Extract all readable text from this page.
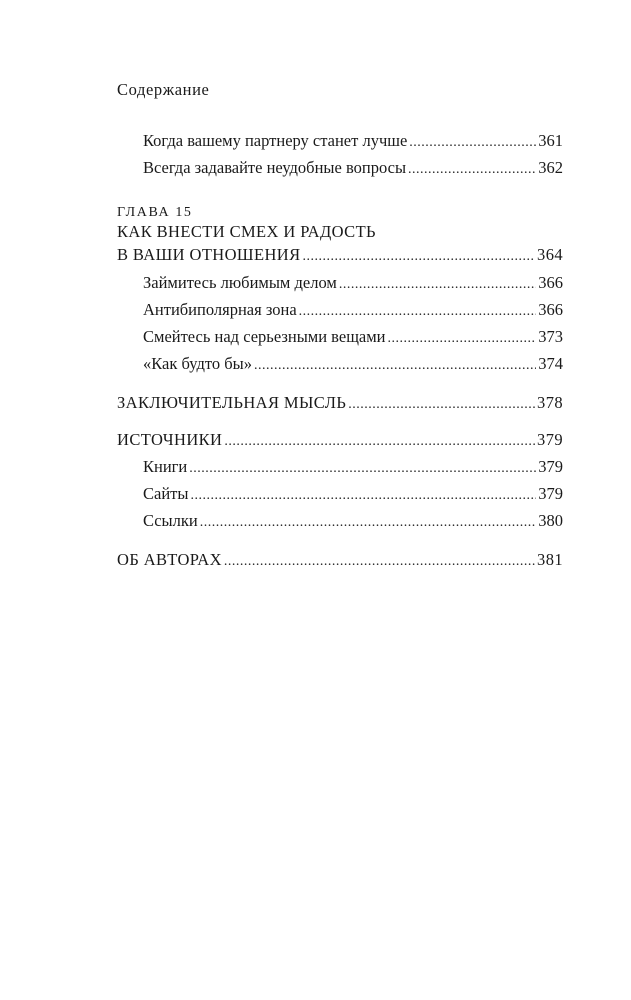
Содержание
Когда вашему партнеру станет лучше .....	361
Всегда задавайте неудобные вопросы .....	362
ГЛАВА 15
КАК ВНЕСТИ СМЕХ И РАДОСТЬ
В ВАШИ ОТНОШЕНИЯ .....	364
Займитесь любимым делом .....	366
Антибиполярная зона .....	366
Смейтесь над серьезными вещами .....	373
«Как будто бы» .....	374
ЗАКЛЮЧИТЕЛЬНАЯ МЫСЛЬ .....	378
ИСТОЧНИКИ .....	379
Книги .....	379
Сайты .....	379
Ссылки .....	380
ОБ АВТОРАХ .....	381
